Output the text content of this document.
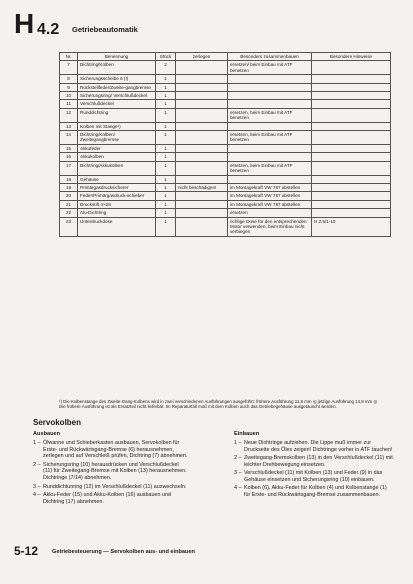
H 4.2 Getriebeautomatik
Nr.	Benennung	Stück	zerlegen	Besonders zusammenbauen	Besondere Hinweise
7	Dichtring/Kolben	2		ersetzen/ beim Einbau mit ATF benetzen	
8	Sicherungsscheibe 6 (!)	1			
9	Rückstellfeder/Zweite-gangbremse	1			
10	Sicherungsring/ Verschlußdeckel	1			
11	Verschlußdeckel	1			
12	Runddichtring	1		ersetzen, beim Einbau mit ATF benetzen	
13	Kolben mit Stange¹)	1			
14	Dichtring/Kolben/ Zweitegangbremse	1		ersetzen, beim Einbau mit ATF benetzen	
15	Akkufeder	1			
16	Akkukolben	1			
17	Dichtring/Akkukolben	1		ersetzen, beim Einbau mit ATF benetzen	
18	Gehäuse	1			
19	Primärgasdrucksicherer	1	nicht beschädigen!	im Montagekraft VW 787 abstellen	
20	Feder/Primärgasdruck-schieber	1		im Montagekraft VW 787 abstellen	
21	Druckstift 4×28	1		im Montagekraft VW 787 abstellen	
22	Alu-Dichtring	1		ersetzen	
23	Unterdruckdose	1		richtige Dose für den entsprechenden Motor verwenden, beim Einbau nicht verbiegen	H 2.5/1-10
¹) Die Kolbenstange des Zweite-Gang-Kolbens wird in zwei verschiedenen Ausführungen ausgeführt: frühere Ausführung 11,8 mm ◎ jetzige Ausführung 14,8 mm ◎ Die frühere Ausführung ist als Ersatzteil nicht lieferbar. Im Reparaturfall muß mit dem Kolben auch das Getriebegehäuse ausgetauscht werden.
Servokolben
Ausbauen
1 – Ölwanne und Schieberkasten ausbauen, Servokolben für Erste- und Rückwärtsgang-Bremse (6) herausnehmen, zerlegen und auf Verschleiß prüfen, Dichtring (7) abnehmen.
2 – Sicherungsring (10) herausdrücken und Verschlußdeckel (11) für Zweitegang-Bremse mit Kolben (13) herausnehmen. Dichtringe (7/14) abnehmen.
3 – Runddichtunring (12) im Verschlußdeckel (11) auswechseln.
4 – Akku-Feder (15) und Akku-Kolben (16) ausbauen und Dichtring (17) abnehmen.
Einbauen
1 – Neue Dichtringe aufziehen. Die Lippe muß immer zur Druckseite des Öles zeigen! Dichtringe vorher in ATF tauchen!
2 – Zweitegang-Bremskolben (13) in den Verschlußdeckel (11) mit leichter Drehbewegung einsetzen.
3 – Verschlußdeckel (11) mit Kolben (13) und Feder (9) in das Gehäuse einsetzen und Sicherungsring (10) einbauen.
4 – Kolben (6), Akku-Feder für Kolben (4) und Kolbenstange (1) für Erste- und Rückwärtsgang-Bremse zusammenbauen.
5-12 Getriebesteuerung — Servokolben aus- und einbauen
